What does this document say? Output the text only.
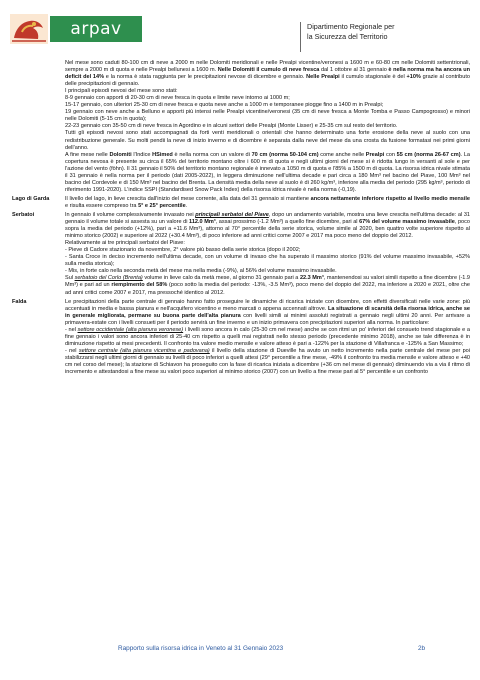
arpav	Dipartimento Regionale per
la Sicurezza del Territorio

Nel mese sono caduti 80-100 cm di neve a 2000 m nelle Dolomiti meridionali e nelle Prealpi vicentine/veronesi a 1600 m e 60-80 cm nelle Dolomiti settentrionali, sempre a 2000 m di quota e nelle Prealpi bellunesi a 1600 m. Nelle Dolomiti il cumulo di neve fresca dal 1 ottobre al 31 gennaio è nella norma ma ha ancora un deficit del 14% e la norma è stata raggiunta per le precipitazioni nevose di dicembre e gennaio. Nelle Prealpi il cumulo stagionale è del +10% grazie al contributo delle precipitazioni di gennaio.

I principali episodi nevosi del mese sono stati:

8-9 gennaio con apporti di 20-30 cm di neve fresca in quota e limite neve intorno ai 1000 m;

15-17 gennaio, con ulteriori 25-30 cm di neve fresca e quota neve anche a 1000 m e temporanee piogge fino a 1400 m in Prealpi;

19 gennaio con neve anche a Belluno e apporti più intensi nelle Prealpi vicentine/veronesi (35 cm di neve fresca a Monte Tomba e Passo Campogrosso) e minori nelle Dolomiti (5-15 cm in quota);

22-23 gennaio con 35-50 cm di neve fresca in Agordino e in alcuni settori delle Prealpi (Monte Lisser) e 25-35 cm sul resto del territorio.

Tutti gli episodi nevosi sono stati accompagnati da forti venti meridionali o orientali che hanno determinato una forte erosione della neve al suolo con una redistribuzione generale. Su molti pendii la neve di inizio inverno e di dicembre è separata dalla neve del mese da una crosta da fusione formatasi nei primi giorni dell'anno.

A fine mese nelle Dolomiti l'Indice HSimed è nella norma con un valore di 70 cm (norma 50-104 cm) come anche nelle Prealpi con 55 cm (norma 26-67 cm). La copertura nevosa è presente su circa il 65% del territorio montano oltre i 600 m di quota e negli ultimi giorni del mese si è ridotta lungo in versanti al sole e per l'azione del vento (föhn). Il 31 gennaio il 50% del territorio montano regionale è innevato a 1050 m di quota e l'85% a 1500 m di quota. La risorsa idrica nivale stimata il 31 gennaio è nella norma per il periodo (dati 2005-2022), in leggera diminuzione nell'ultima decade e pari circa a 180 Mm³ nel bacino del Piave, 100 Mm³ nel bacino del Cordevole e di 150 Mm³ nel bacino del Brenta. La densità media della neve al suolo è di 260 kg/m³, inferiore alla media del periodo (295 kg/m³, periodo di riferimento 1991-2020). L'indice SSPI (Standardised Snow Pack Index) della risorsa idrica nivale è nella norma (-0,19).

Lago di Garda	Il livello del lago, in lieve crescita dall'inizio del mese corrente, alla data del 31 gennaio si mantiene ancora nettamente inferiore rispetto al livello medio mensile e risulta essere compreso tra 5° e 25° percentile.

Serbatoi	In gennaio il volume complessivamente invasato nei principali serbatoi del Piave, dopo un andamento variabile, mostra una lieve crescita nell'ultima decade: al 31 gennaio il volume totale si assesta su un valore di 112.0 Mm³, assai prossimo (-1.2 Mm³) a quello fine dicembre, pari al 67% del volume massimo invasabile, poco sopra la media del periodo (+12%), pari a +11.6 Mm³), attorno al 70° percentile della serie storica, volume simile al 2020, ben quattro volte superiore rispetto al minimo storico (2002) e superiore al 2022 (+30.4 Mm³), di poco inferiore ad anni critici come 2007 e 2017 ma poco meno del doppio del 2012.

Relativamente ai tre principali serbatoi del Piave:

- Pieve di Cadore stazionario da novembre, 2° valore più basso della serie storica (dopo il 2002;

- Santa Croce in deciso incremento nell'ultima decade, con un volume di invaso che ha superato il massimo storico (91% del volume massimo invasabile, +52% sulla media storica);

- Mis, in forte calo nella seconda metà del mese ma nella media (-9%), al 56% del volume massimo invasabile.

Sul serbatoio del Corlo (Brenta) volume in lieve calo da metà mese, al giorno 31 gennaio pari a 22.3 Mm³, mantenendosi su valori simili rispetto a fine dicembre (-1.9 Mm³) e pari ad un riempimento del 58% (poco sotto la media del periodo: -13%, -3.5 Mm³), poco meno del doppio del 2022, ma inferiore a 2020 e 2021, oltre che ad anni critici come 2007 e 2017, ma pressoché identico al 2012.

Falda	Le precipitazioni della parte centrale di gennaio hanno fatto proseguire le dinamiche di ricarica iniziate con dicembre, con effetti diversificati nelle varie zone: più accentuati in media e bassa pianura e nell'acquifero vicentino e meno marcati o appena accennati altrove. La situazione di scarsità della risorsa idrica, anche se in generale migliorata, permane su buona parte dell'alta pianura con livelli simili ai minimi assoluti registrati a gennaio negli ultimi 20 anni. Per arrivare a primavera-estate con i livelli consueti per il periodo servirà un fine inverno e un inizio primavera con precipitazioni superiori alla norma. In particolare:

- nel settore occidentale (alta pianura veronese) i livelli sono ancora in calo (25-30 cm nel mese) anche se con ritmi un po' inferiori del consueto trend stagionale e a fine gennaio i valori sono ancora inferiori di 25-40 cm rispetto a quelli mai registrati nello stesso periodo (precedente minimo 2018), anche se tale differenza è in diminuzione rispetto ai mesi precedenti. Il confronto tra valore medio mensile e valore atteso è pari a -122% per la stazione di Villafranca e -125% a San Massimo;

- nel settore centrale (alta pianura vicentina e padovana) il livello della stazione di Dueville ha avuto un netto incremento nella parte centrale del mese per poi stabilizzarsi negli ultimi giorni di gennaio su livelli di poco inferiori a quelli attesi (29° percentile a fine mese, -49% il confronto tra media mensile e valore atteso e +40 cm nel corso del mese); la stazione di Schiavon ha proseguito con la fase di ricarica iniziata a dicembre (+36 cm nel mese di gennaio) diminuendo via a via il ritmo di incremento e attestandosi a fine mese su valori poco superiori al minimo storico (2007) con un livello a fine mese pari al 5° percentile e un confronto

Rapporto sulla risorsa idrica in Veneto al 31 Gennaio 2023	2b
